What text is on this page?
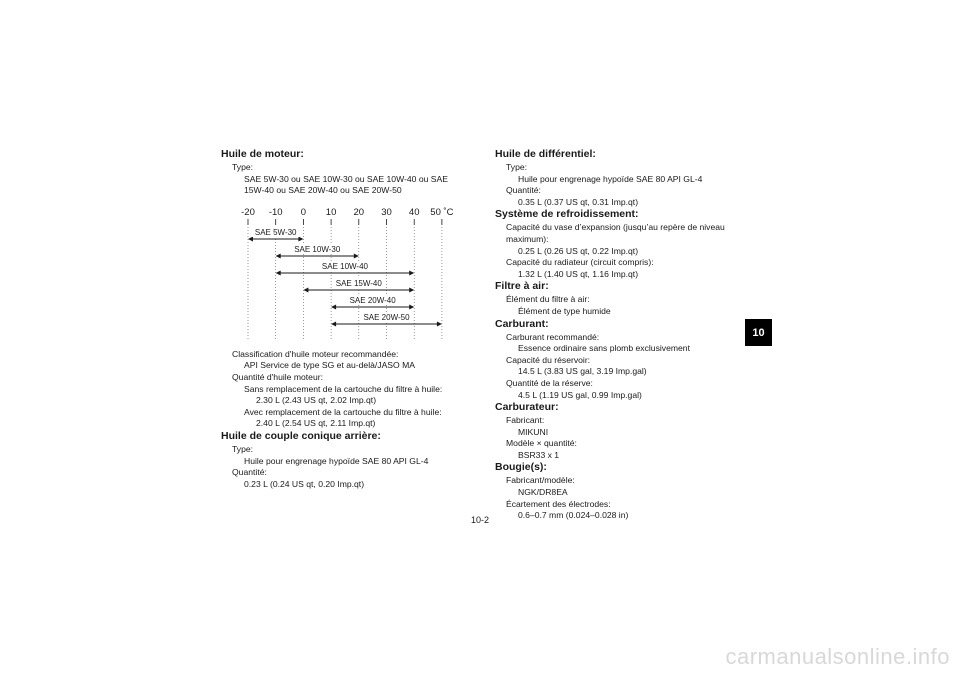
Huile de moteur:
Type:
SAE 5W-30 ou SAE 10W-30 ou SAE 10W-40 ou SAE
15W-40 ou SAE 20W-40 ou SAE 20W-50
-20 -10 0 10 20 30 40 50 ˚C
SAE 5W-30
SAE 10W-30
SAE 10W-40
SAE 15W-40
SAE 20W-40
SAE 20W-50
Classification d'huile moteur recommandée:
API Service de type SG et au-delà/JASO MA
Quantité d'huile moteur:
Sans remplacement de la cartouche du filtre à huile:
2.30 L (2.43 US qt, 2.02 Imp.qt)
Avec remplacement de la cartouche du filtre à huile:
2.40 L (2.54 US qt, 2.11 Imp.qt)
Huile de couple conique arrière:
Type:
Huile pour engrenage hypoïde SAE 80 API GL-4
Quantité:
0.23 L (0.24 US qt, 0.20 Imp.qt)
Huile de différentiel:
Type:
Huile pour engrenage hypoïde SAE 80 API GL-4
Quantité:
0.35 L (0.37 US qt, 0.31 Imp.qt)
Système de refroidissement:
Capacité du vase d’expansion (jusqu’au repère de niveau
maximum):
0.25 L (0.26 US qt, 0.22 Imp.qt)
Capacité du radiateur (circuit compris):
1.32 L (1.40 US qt, 1.16 Imp.qt)
Filtre à air:
Élément du filtre à air:
Élément de type humide
Carburant:
Carburant recommandé:
Essence ordinaire sans plomb exclusivement
Capacité du réservoir:
14.5 L (3.83 US gal, 3.19 Imp.gal)
Quantité de la réserve:
4.5 L (1.19 US gal, 0.99 Imp.gal)
Carburateur:
Fabricant:
MIKUNI
Modèle × quantité:
BSR33 x 1
Bougie(s):
Fabricant/modèle:
NGK/DR8EA
Écartement des électrodes:
0.6–0.7 mm (0.024–0.028 in)
10
10-2
carmanualsonline.info
